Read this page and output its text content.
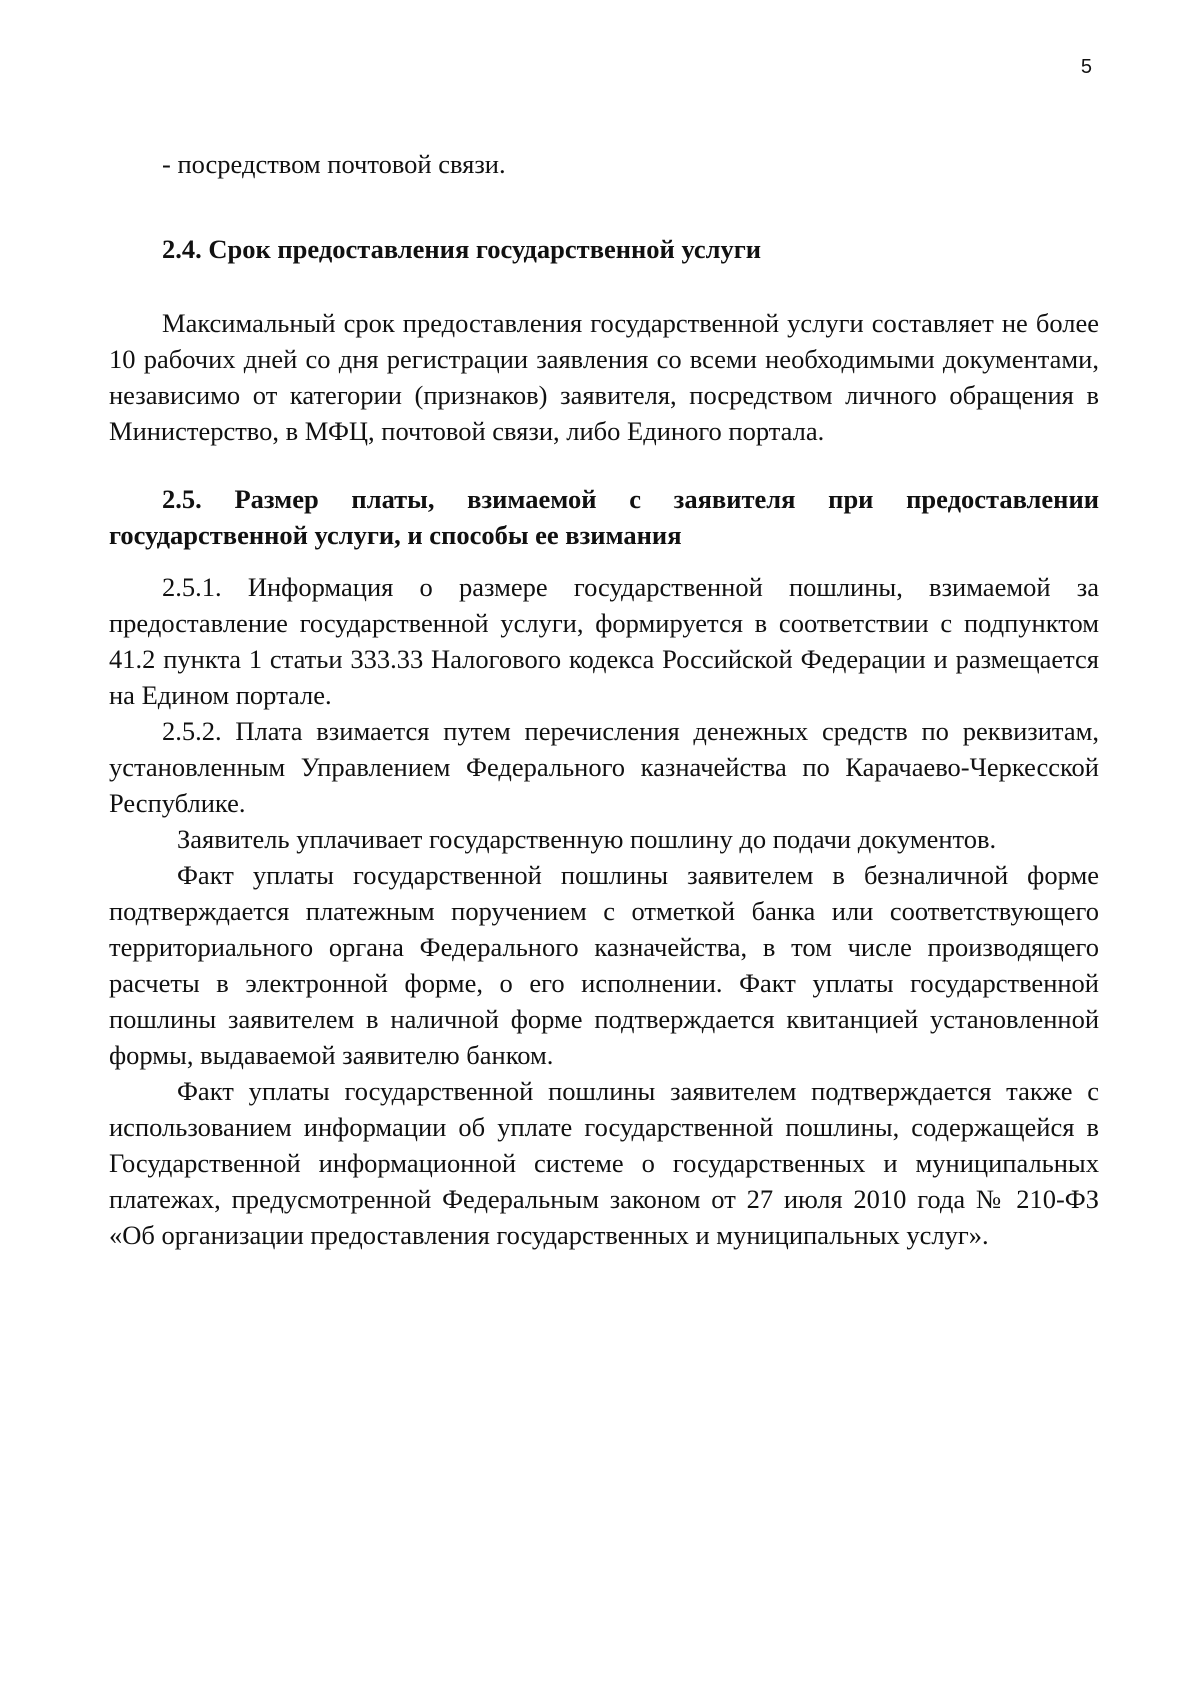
5

- посредством почтовой связи.

2.4. Срок предоставления государственной услуги

Максимальный срок предоставления государственной услуги составляет не более 10 рабочих дней со дня регистрации заявления со всеми необходимыми документами, независимо от категории (признаков) заявителя, посредством личного обращения в Министерство, в МФЦ, почтовой связи, либо Единого портала.

2.5. Размер платы, взимаемой с заявителя при предоставлении государственной услуги, и способы ее взимания

2.5.1. Информация о размере государственной пошлины, взимаемой за предоставление государственной услуги, формируется в соответствии с подпунктом 41.2 пункта 1 статьи 333.33 Налогового кодекса Российской Федерации и размещается на Едином портале.

2.5.2. Плата взимается путем перечисления денежных средств по реквизитам, установленным Управлением Федерального казначейства по Карачаево-Черкесской Республике.

Заявитель уплачивает государственную пошлину до подачи документов.

Факт уплаты государственной пошлины заявителем в безналичной форме подтверждается платежным поручением с отметкой банка или соответствующего территориального органа Федерального казначейства, в том числе производящего расчеты в электронной форме, о его исполнении. Факт уплаты государственной пошлины заявителем в наличной форме подтверждается квитанцией установленной формы, выдаваемой заявителю банком.

Факт уплаты государственной пошлины заявителем подтверждается также с использованием информации об уплате государственной пошлины, содержащейся в Государственной информационной системе о государственных и муниципальных платежах, предусмотренной Федеральным законом от 27 июля 2010 года № 210-ФЗ «Об организации предоставления государственных и муниципальных услуг».
